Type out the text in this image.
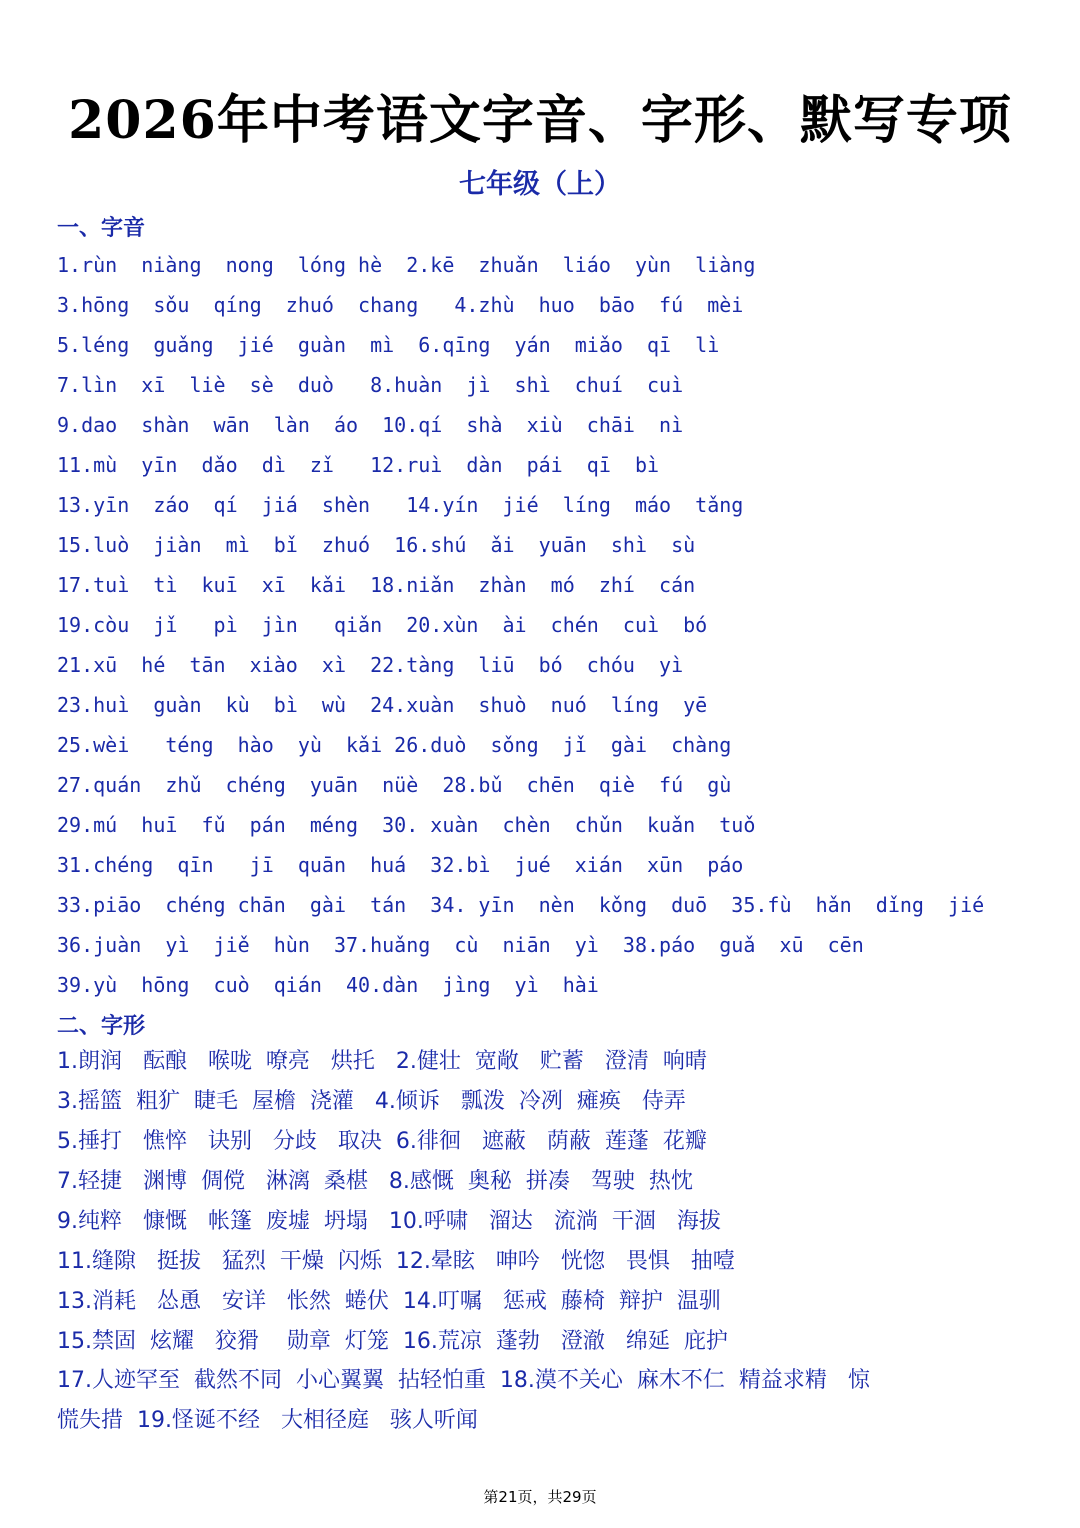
2026年中考语文字音、字形、默写专项
七年级（上）
一、字音
1.rùn  niàng  nong  lóng hè  2.kē  zhuǎn  liáo  yùn  liàng
3.hōng  sǒu  qíng  zhuó  chang   4.zhù  huo  bāo  fú  mèi
5.léng  guǎng  jié  guàn  mì  6.qīng  yán  miǎo  qī  lì
7.lìn  xī  liè  sè  duò   8.huàn  jì  shì  chuí  cuì
9.dao  shàn  wān  làn  áo  10.qí  shà  xiù  chāi  nì
11.mù  yīn  dǎo  dì  zǐ   12.ruì  dàn  pái  qī  bì
13.yīn  záo  qí  jiá  shèn   14.yín  jié  líng  máo  tǎng
15.luò  jiàn  mì  bǐ  zhuó  16.shú  ǎi  yuān  shì  sù
17.tuì  tì  kuī  xī  kǎi  18.niǎn  zhàn  mó  zhí  cán
19.còu  jǐ   pì  jìn   qiǎn  20.xùn  ài  chén  cuì  bó
21.xū  hé  tān  xiào  xì  22.tàng  liū  bó  chóu  yì
23.huì  guàn  kù  bì  wù  24.xuàn  shuò  nuó  líng  yē
25.wèi   téng  hào  yù  kǎi 26.duò  sǒng  jǐ  gài  chàng
27.quán  zhǔ  chéng  yuān  nüè  28.bǔ  chēn  qiè  fú  gù
29.mú  huī  fǔ  pán  méng  30. xuàn  chèn  chǔn  kuǎn  tuǒ
31.chéng  qīn   jī  quān  huá  32.bì  jué  xián  xūn  páo
33.piāo  chéng chān  gài  tán  34. yīn  nèn  kǒng  duō  35.fù  hǎn  dǐng  jié
36.juàn  yì  jiě  hùn  37.huǎng  cù  niān  yì  38.páo  guǎ  xū  cēn
39.yù  hōng  cuò  qián  40.dàn  jìng  yì  hài
二、字形
1.朗润   酝酿   喉咙  嘹亮   烘托   2.健壮  宽敞   贮蓄   澄清  响晴
3.摇篮  粗犷  睫毛  屋檐  浇灌   4.倾诉   瓢泼  冷冽  瘫痪   侍弄
5.捶打   憔悴   诀别   分歧   取决  6.徘徊   遮蔽   荫蔽  莲蓬  花瓣
7.轻捷   渊博  倜傥   淋漓  桑椹   8.感慨  奥秘  拼凑   驾驶  热忱
9.纯粹   慷慨   帐篷  废墟  坍塌   10.呼啸   溜达   流淌  干涸   海拔
11.缝隙   挺拔   猛烈  干燥  闪烁  12.晕眩   呻吟   恍惚   畏惧   抽噎
13.消耗   怂恿   安详   怅然  蜷伏  14.叮嘱   惩戒  藤椅  辩护  温驯
15.禁固  炫耀   狡猾    勋章  灯笼  16.荒凉  蓬勃   澄澈   绵延  庇护
17.人迹罕至  截然不同  小心翼翼  拈轻怕重  18.漠不关心  麻木不仁  精益求精   惊
慌失措  19.怪诞不经   大相径庭   骇人听闻
第21页，共29页
